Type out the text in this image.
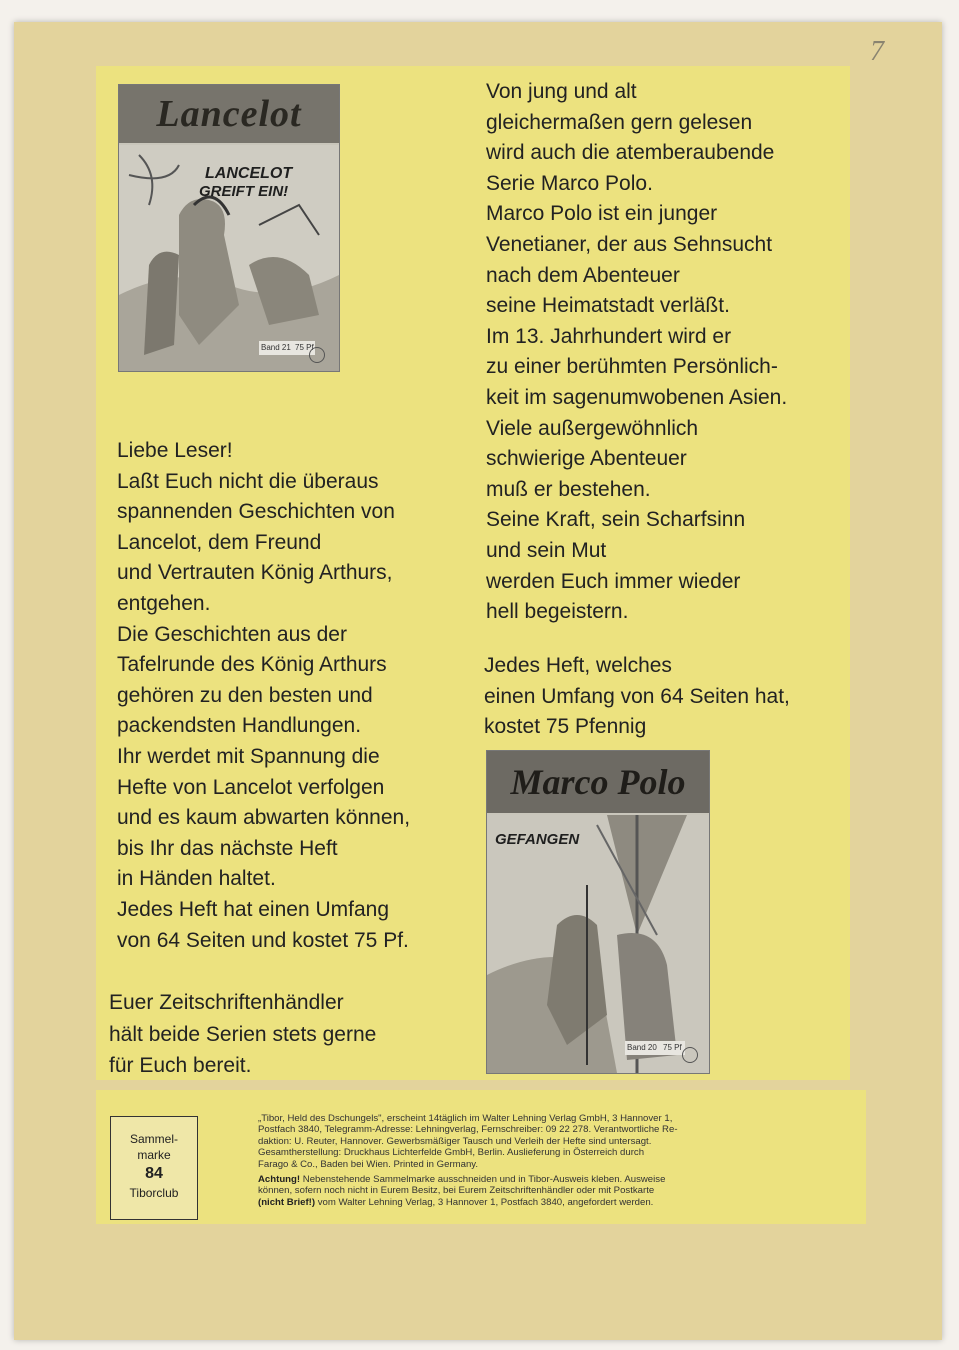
7
Lancelot
LANCELOT
GREIFT EIN!
Band 21 75 Pf
Von jung und alt
gleichermaßen gern gelesen
wird auch die atemberaubende
Serie Marco Polo.
Marco Polo ist ein junger
Venetianer, der aus Sehnsucht
nach dem Abenteuer
seine Heimatstadt verläßt.
Im 13. Jahrhundert wird er
zu einer berühmten Persönlich-
keit im sagenumwobenen Asien.
Viele außergewöhnlich
schwierige Abenteuer
muß er bestehen.
Seine Kraft, sein Scharfsinn
und sein Mut
werden Euch immer wieder
hell begeistern.
Jedes Heft, welches
einen Umfang von 64 Seiten hat,
kostet 75 Pfennig
Liebe Leser!
Laßt Euch nicht die überaus
spannenden Geschichten von
Lancelot, dem Freund
und Vertrauten König Arthurs,
entgehen.
Die Geschichten aus der
Tafelrunde des König Arthurs
gehören zu den besten und
packendsten Handlungen.
Ihr werdet mit Spannung die
Hefte von Lancelot verfolgen
und es kaum abwarten können,
bis Ihr das nächste Heft
in Händen haltet.
Jedes Heft hat einen Umfang
von 64 Seiten und kostet 75 Pf.
Euer Zeitschriftenhändler
hält beide Serien stets gerne
für Euch bereit.
Marco Polo
GEFANGEN
Band 20 75 Pf
Sammel-
marke
84
Tiborclub
„Tibor, Held des Dschungels", erscheint 14täglich im Walter Lehning Verlag GmbH, 3 Hannover 1,
Postfach 3840, Telegramm-Adresse: Lehningverlag, Fernschreiber: 09 22 278. Verantwortliche Re-
daktion: U. Reuter, Hannover. Gewerbsmäßiger Tausch und Verleih der Hefte sind untersagt.
Gesamtherstellung: Druckhaus Lichterfelde GmbH, Berlin. Auslieferung in Österreich durch
Farago & Co., Baden bei Wien. Printed in Germany.
Achtung! Nebenstehende Sammelmarke ausschneiden und in Tibor-Ausweis kleben. Ausweise
können, sofern noch nicht in Eurem Besitz, bei Eurem Zeitschriftenhändler oder mit Postkarte
(nicht Brief!) vom Walter Lehning Verlag, 3 Hannover 1, Postfach 3840, angefordert werden.
